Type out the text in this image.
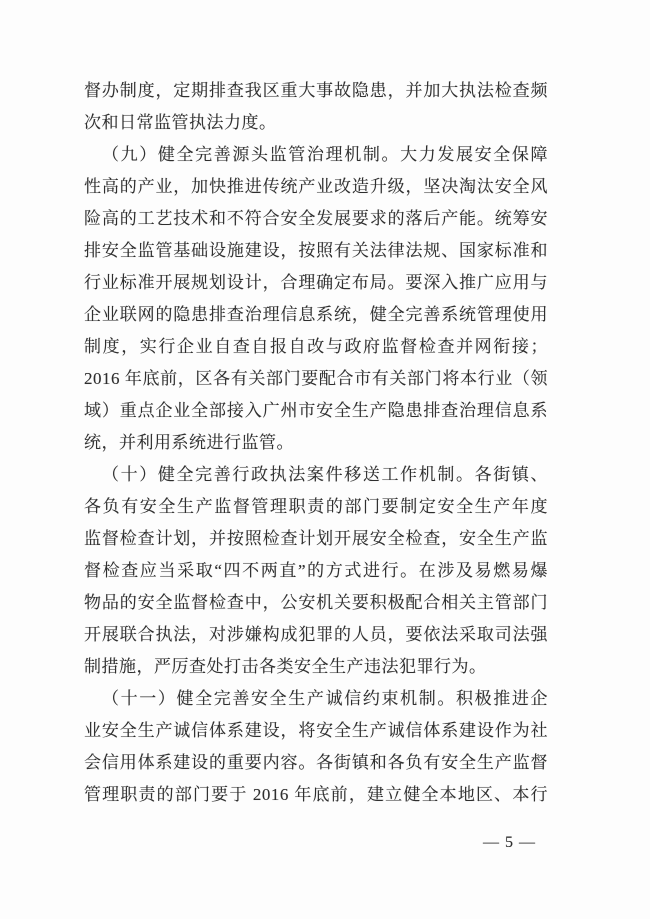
督办制度，定期排查我区重大事故隐患，并加大执法检查频
次和日常监管执法力度。
（九）健全完善源头监管治理机制。大力发展安全保障
性高的产业，加快推进传统产业改造升级，坚决淘汰安全风
险高的工艺技术和不符合安全发展要求的落后产能。统筹安
排安全监管基础设施建设，按照有关法律法规、国家标准和
行业标准开展规划设计，合理确定布局。要深入推广应用与
企业联网的隐患排查治理信息系统，健全完善系统管理使用
制度，实行企业自查自报自改与政府监督检查并网衔接；
2016 年底前，区各有关部门要配合市有关部门将本行业（领
域）重点企业全部接入广州市安全生产隐患排查治理信息系
统，并利用系统进行监管。
（十）健全完善行政执法案件移送工作机制。各街镇、
各负有安全生产监督管理职责的部门要制定安全生产年度
监督检查计划，并按照检查计划开展安全检查，安全生产监
督检查应当采取“四不两直”的方式进行。在涉及易燃易爆
物品的安全监督检查中，公安机关要积极配合相关主管部门
开展联合执法，对涉嫌构成犯罪的人员，要依法采取司法强
制措施，严厉查处打击各类安全生产违法犯罪行为。
（十一）健全完善安全生产诚信约束机制。积极推进企
业安全生产诚信体系建设，将安全生产诚信体系建设作为社
会信用体系建设的重要内容。各街镇和各负有安全生产监督
管理职责的部门要于 2016 年底前，建立健全本地区、本行
— 5 —
